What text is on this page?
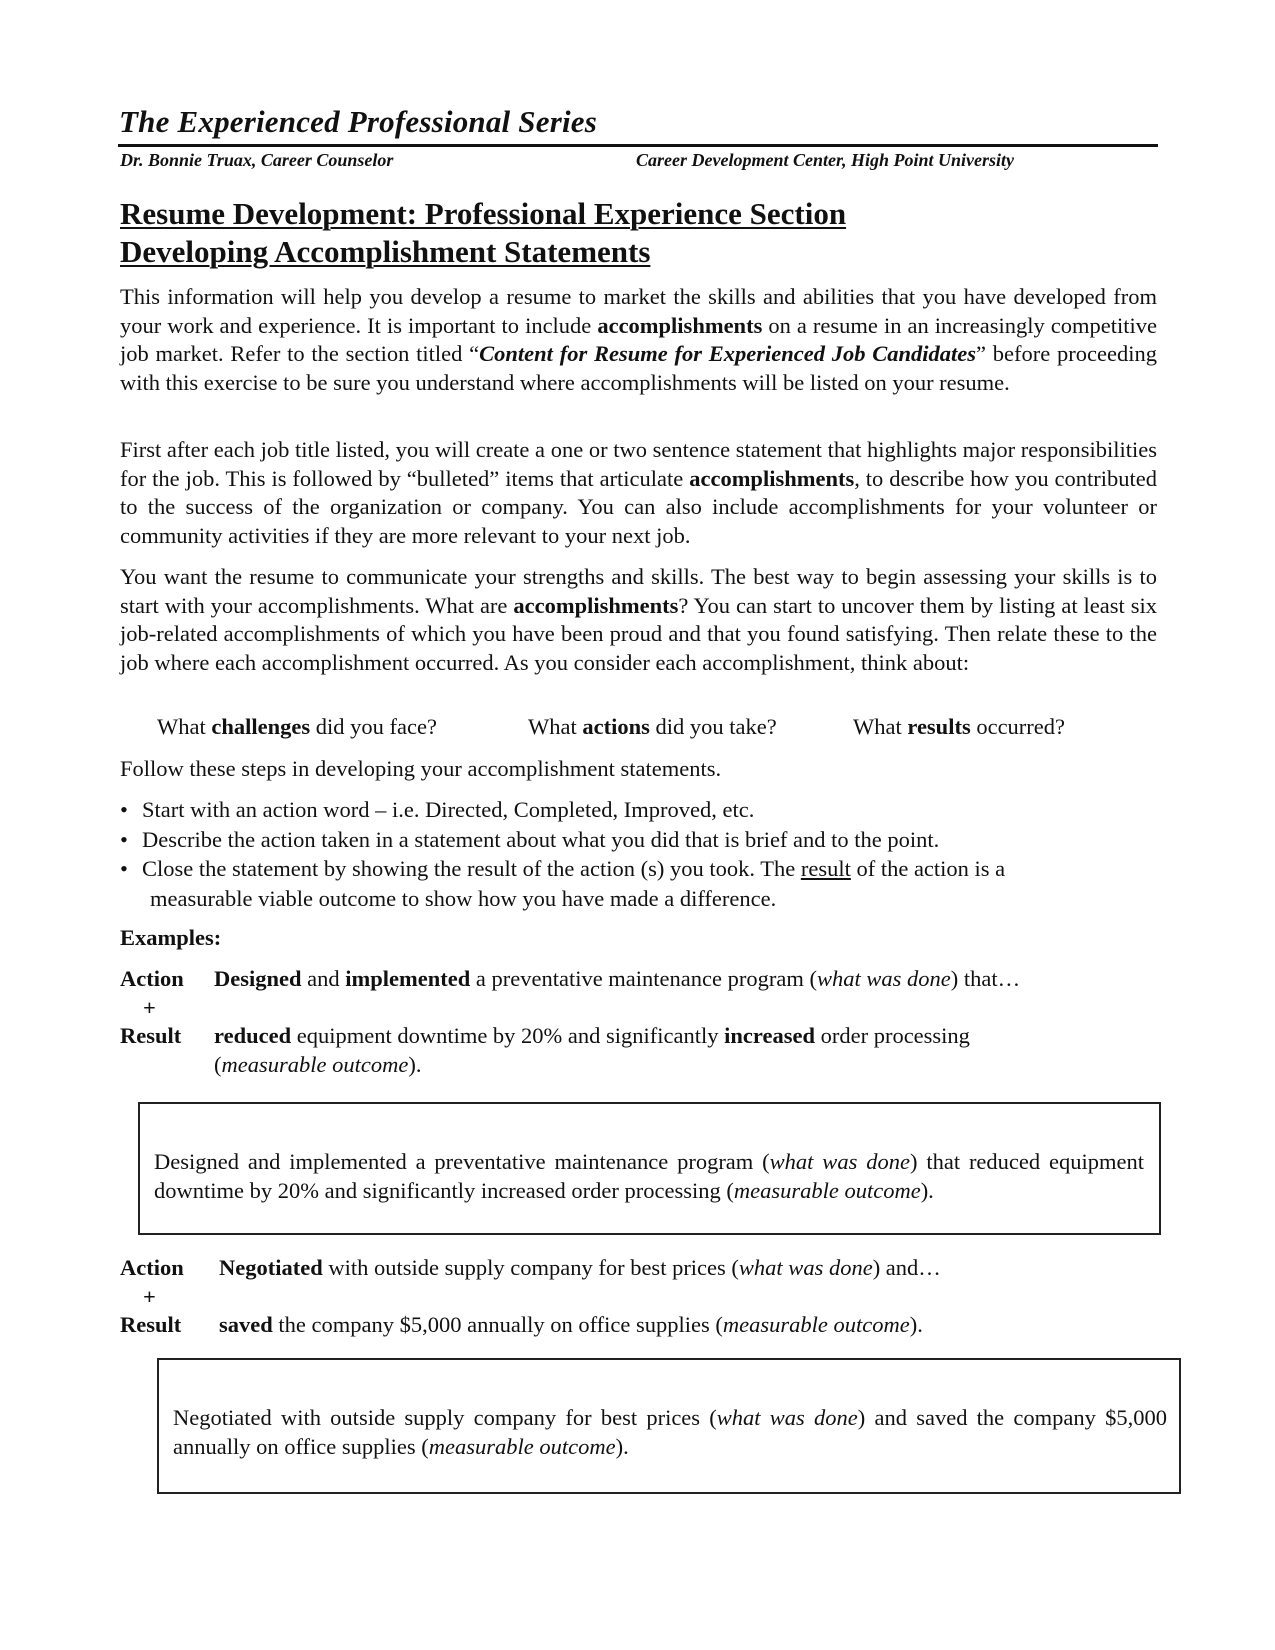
The Experienced Professional Series
Dr. Bonnie Truax, Career Counselor	Career Development Center, High Point University
Resume Development: Professional Experience Section
Developing Accomplishment Statements
This information will help you develop a resume to market the skills and abilities that you have developed from your work and experience. It is important to include accomplishments on a resume in an increasingly competitive job market. Refer to the section titled “Content for Resume for Experienced Job Candidates” before proceeding with this exercise to be sure you understand where accomplishments will be listed on your resume.
First after each job title listed, you will create a one or two sentence statement that highlights major responsibilities for the job. This is followed by “bulleted” items that articulate accomplishments, to describe how you contributed to the success of the organization or company. You can also include accomplishments for your volunteer or community activities if they are more relevant to your next job.
You want the resume to communicate your strengths and skills. The best way to begin assessing your skills is to start with your accomplishments. What are accomplishments? You can start to uncover them by listing at least six job-related accomplishments of which you have been proud and that you found satisfying. Then relate these to the job where each accomplishment occurred. As you consider each accomplishment, think about:
What challenges did you face?	What actions did you take?	What results occurred?
Follow these steps in developing your accomplishment statements.
• Start with an action word – i.e. Directed, Completed, Improved, etc.
• Describe the action taken in a statement about what you did that is brief and to the point.
• Close the statement by showing the result of the action (s) you took. The result of the action is a
measurable viable outcome to show how you have made a difference.
Examples:
Action Designed and implemented a preventative maintenance program (what was done) that…
+
Result reduced equipment downtime by 20% and significantly increased order processing
(measurable outcome).
Designed and implemented a preventative maintenance program (what was done) that reduced equipment downtime by 20% and significantly increased order processing (measurable outcome).
Action Negotiated with outside supply company for best prices (what was done) and…
+
Result saved the company $5,000 annually on office supplies (measurable outcome).
Negotiated with outside supply company for best prices (what was done) and saved the company $5,000 annually on office supplies (measurable outcome).
